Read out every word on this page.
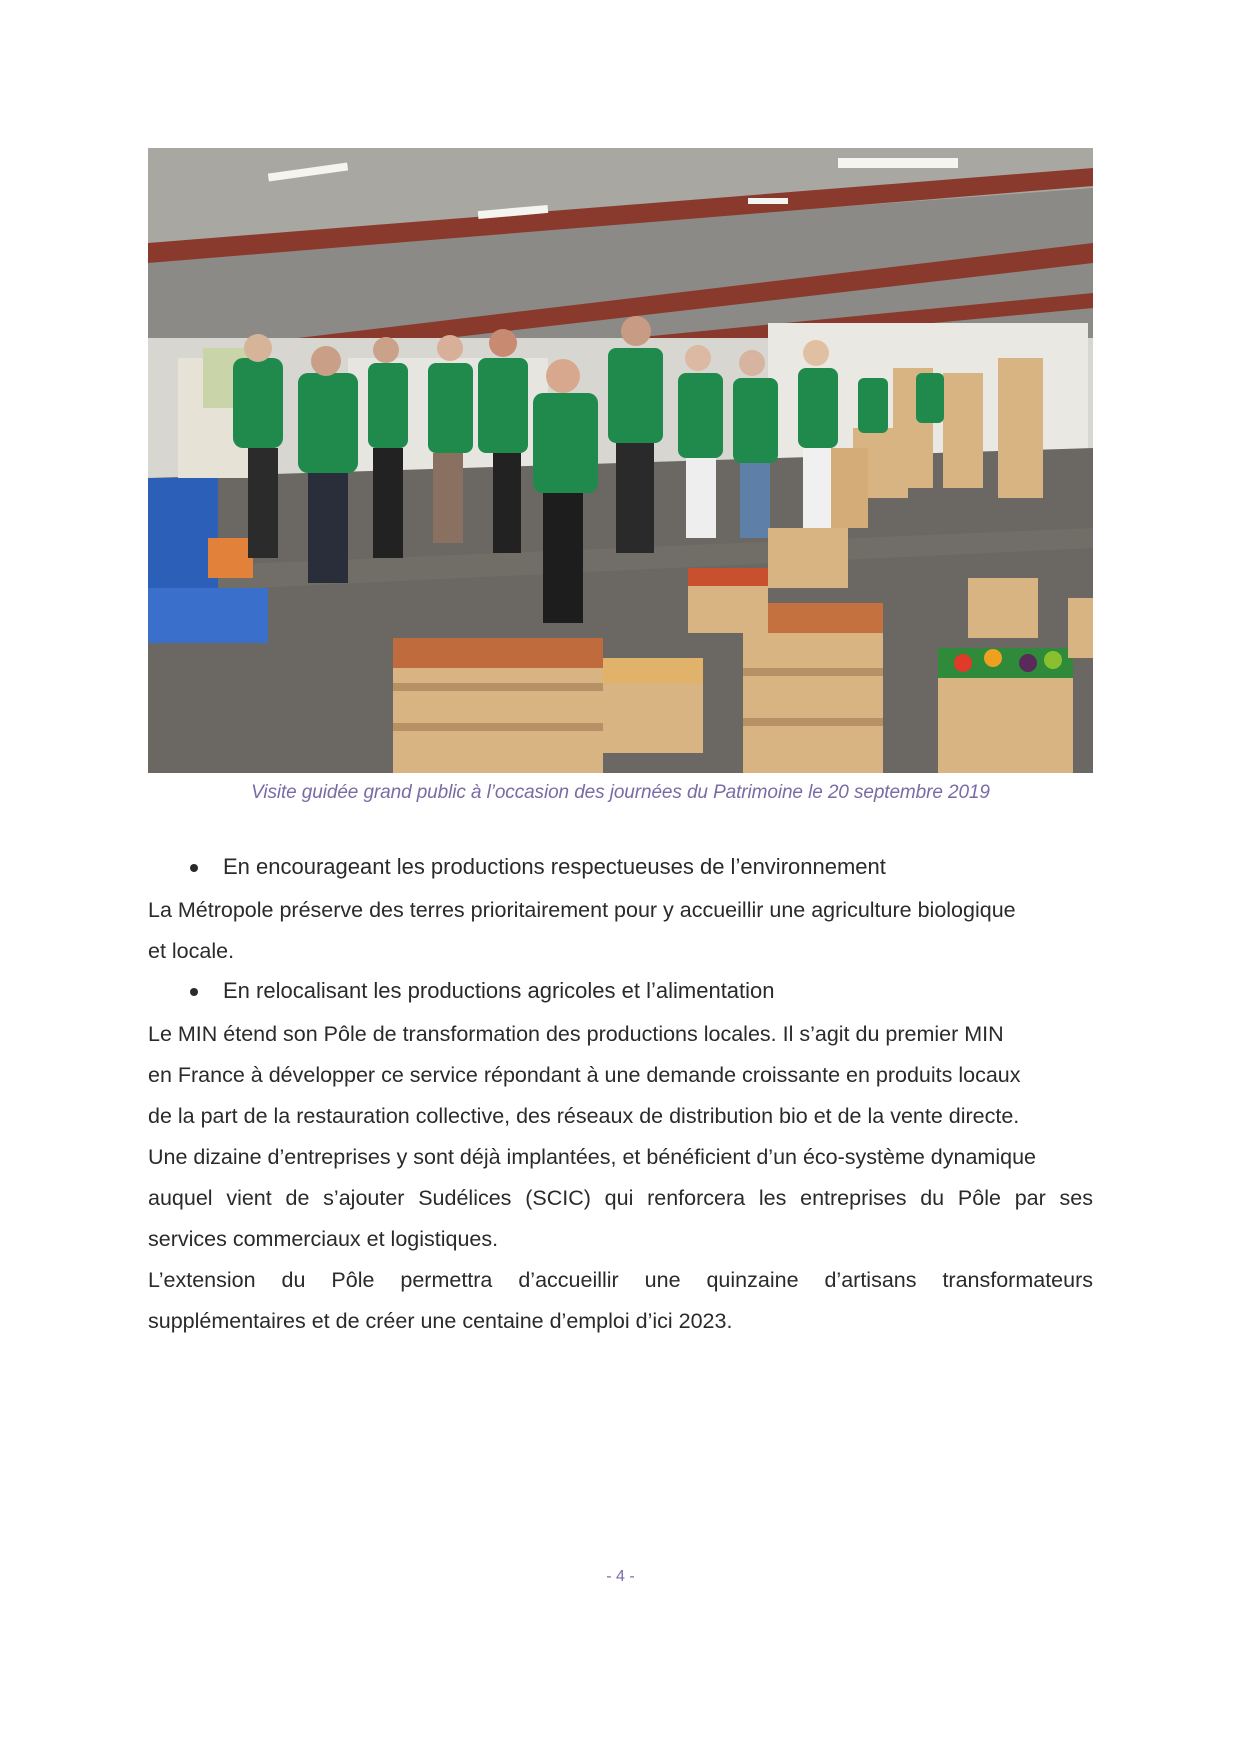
Visite guidée grand public à l’occasion des journées du Patrimoine le 20 septembre 2019
En encourageant les productions respectueuses de l’environnement
La Métropole préserve des terres prioritairement pour y accueillir une agriculture biologique
et locale.
En relocalisant les productions agricoles et l’alimentation
Le MIN étend son Pôle de transformation des productions locales. Il s’agit du premier MIN
en France à développer ce service répondant à une demande croissante en produits locaux
de la part de la restauration collective, des réseaux de distribution bio et de la vente directe.
Une dizaine d’entreprises y sont déjà implantées, et bénéficient d’un éco-système dynamique
auquel vient de s’ajouter Sudélices (SCIC) qui renforcera les entreprises du Pôle par ses
services commerciaux et logistiques.
L’extension du Pôle permettra d’accueillir une quinzaine d’artisans transformateurs
supplémentaires et de créer une centaine d’emploi d’ici 2023.
- 4 -
